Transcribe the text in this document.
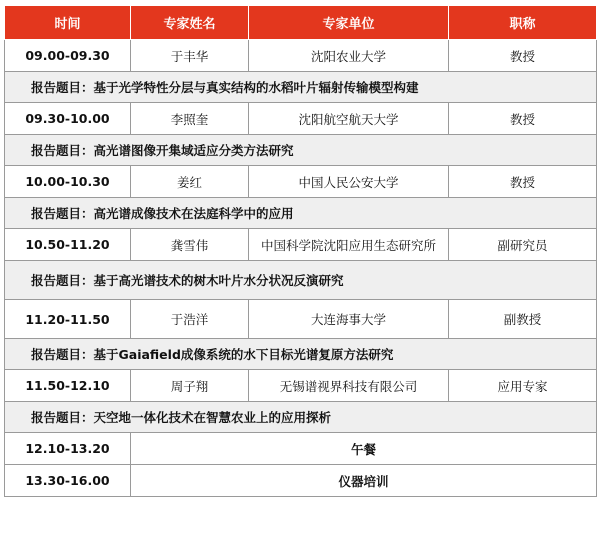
时间	专家姓名	专家单位	职称
09.00-09.30	于丰华	沈阳农业大学	教授
报告题目：基于光学特性分层与真实结构的水稻叶片辐射传输模型构建			
09.30-10.00	李照奎	沈阳航空航天大学	教授
报告题目：高光谱图像开集域适应分类方法研究			
10.00-10.30	姜红	中国人民公安大学	教授
报告题目：高光谱成像技术在法庭科学中的应用			
10.50-11.20	龚雪伟	中国科学院沈阳应用生态研究所	副研究员
报告题目：基于高光谱技术的树木叶片水分状况反演研究			
11.20-11.50	于浩洋	大连海事大学	副教授
报告题目：基于Gaiafield成像系统的水下目标光谱复原方法研究			
11.50-12.10	周子翔	无锡谱视界科技有限公司	应用专家
报告题目：天空地一体化技术在智慧农业上的应用探析			
12.10-13.20	午餐		
13.30-16.00	仪器培训		
